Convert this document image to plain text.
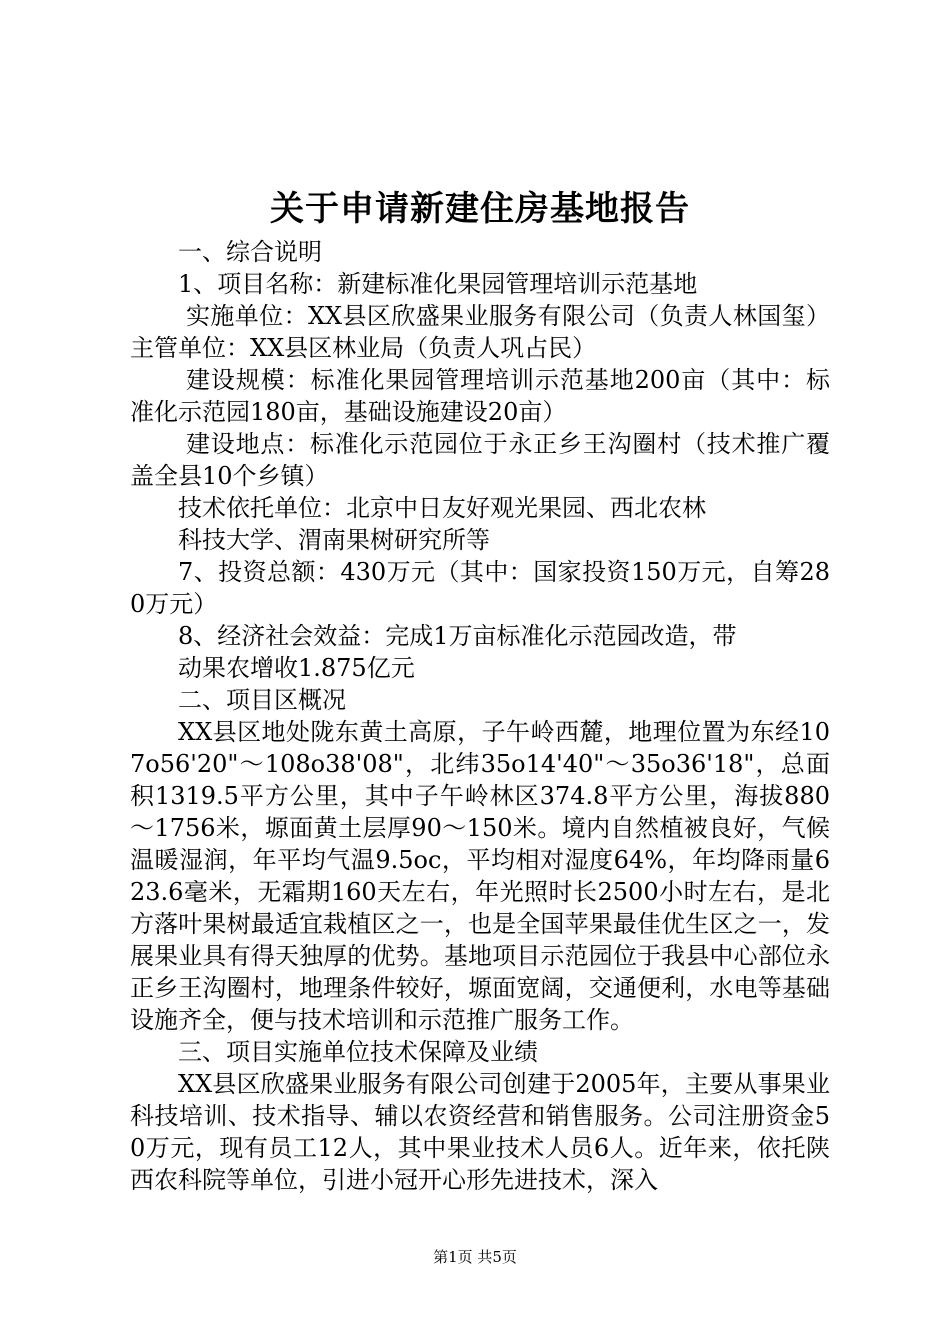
关于申请新建住房基地报告

一、综合说明

1、项目名称：新建标准化果园管理培训示范基地

实施单位：XX县区欣盛果业服务有限公司（负责人林国玺）主管单位：XX县区林业局（负责人巩占民）

建设规模：标准化果园管理培训示范基地200亩（其中：标准化示范园180亩，基础设施建设20亩）

建设地点：标准化示范园位于永正乡王沟圈村（技术推广覆盖全县10个乡镇）

技术依托单位：北京中日友好观光果园、西北农林

科技大学、渭南果树研究所等

7、投资总额：430万元（其中：国家投资150万元，自筹280万元）

8、经济社会效益：完成1万亩标准化示范园改造，带

动果农增收1.875亿元

二、项目区概况

XX县区地处陇东黄土高原，子午岭西麓，地理位置为东经107o56'20"～108o38'08"，北纬35o14'40"～35o36'18"，总面积1319.5平方公里，其中子午岭林区374.8平方公里，海拔880～1756米，塬面黄土层厚90～150米。境内自然植被良好，气候温暖湿润，年平均气温9.5oc，平均相对湿度64%，年均降雨量623.6毫米，无霜期160天左右，年光照时长2500小时左右，是北方落叶果树最适宜栽植区之一，也是全国苹果最佳优生区之一，发展果业具有得天独厚的优势。基地项目示范园位于我县中心部位永正乡王沟圈村，地理条件较好，塬面宽阔，交通便利，水电等基础设施齐全，便与技术培训和示范推广服务工作。

三、项目实施单位技术保障及业绩

XX县区欣盛果业服务有限公司创建于2005年，主要从事果业科技培训、技术指导、辅以农资经营和销售服务。公司注册资金50万元，现有员工12人，其中果业技术人员6人。近年来，依托陕西农科院等单位，引进小冠开心形先进技术，深入

第1页 共5页
